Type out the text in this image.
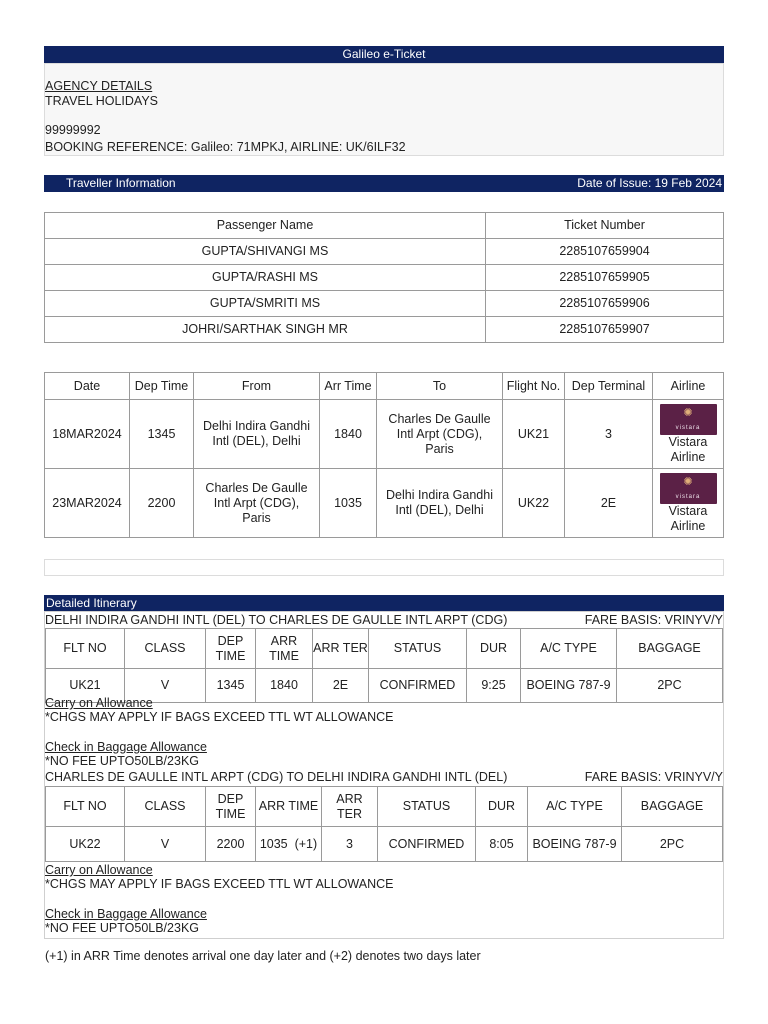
Galileo e-Ticket
AGENCY DETAILS
TRAVEL HOLIDAYS
99999992
BOOKING REFERENCE: Galileo: 71MPKJ, AIRLINE: UK/6ILF32
Traveller Information	Date of Issue: 19 Feb 2024
Passenger Name	Ticket Number
GUPTA/SHIVANGI MS	2285107659904
GUPTA/RASHI MS	2285107659905
GUPTA/SMRITI MS	2285107659906
JOHRI/SARTHAK SINGH MR	2285107659907
Date	Dep Time	From	Arr Time	To	Flight No.	Dep Terminal	Airline
18MAR2024	1345	Delhi Indira Gandhi Intl (DEL), Delhi	1840	Charles De Gaulle Intl Arpt (CDG), Paris	UK21	3	✺
vistara
Vistara Airline

23MAR2024	2200	Charles De Gaulle Intl Arpt (CDG), Paris	1035	Delhi Indira Gandhi Intl (DEL), Delhi	UK22	2E	✺
vistara
Vistara Airline
Detailed Itinerary
DELHI INDIRA GANDHI INTL (DEL) TO CHARLES DE GAULLE INTL ARPT (CDG)	FARE BASIS: VRINYV/Y
FLT NO	CLASS	DEP TIME	ARR TIME	ARR TER	STATUS	DUR	A/C TYPE	BAGGAGE
UK21	V	1345	1840	2E	CONFIRMED	9:25	BOEING 787-9	2PC
Carry on Allowance
*CHGS MAY APPLY IF BAGS EXCEED TTL WT ALLOWANCE
Check in Baggage Allowance
*NO FEE UPTO50LB/23KG
CHARLES DE GAULLE INTL ARPT (CDG) TO DELHI INDIRA GANDHI INTL (DEL)	FARE BASIS: VRINYV/Y
FLT NO	CLASS	DEP TIME	ARR TIME	ARR TER	STATUS	DUR	A/C TYPE	BAGGAGE
UK22	V	2200	1035  (+1)	3	CONFIRMED	8:05	BOEING 787-9	2PC
Carry on Allowance
*CHGS MAY APPLY IF BAGS EXCEED TTL WT ALLOWANCE
Check in Baggage Allowance
*NO FEE UPTO50LB/23KG
(+1) in ARR Time denotes arrival one day later and (+2) denotes two days later
